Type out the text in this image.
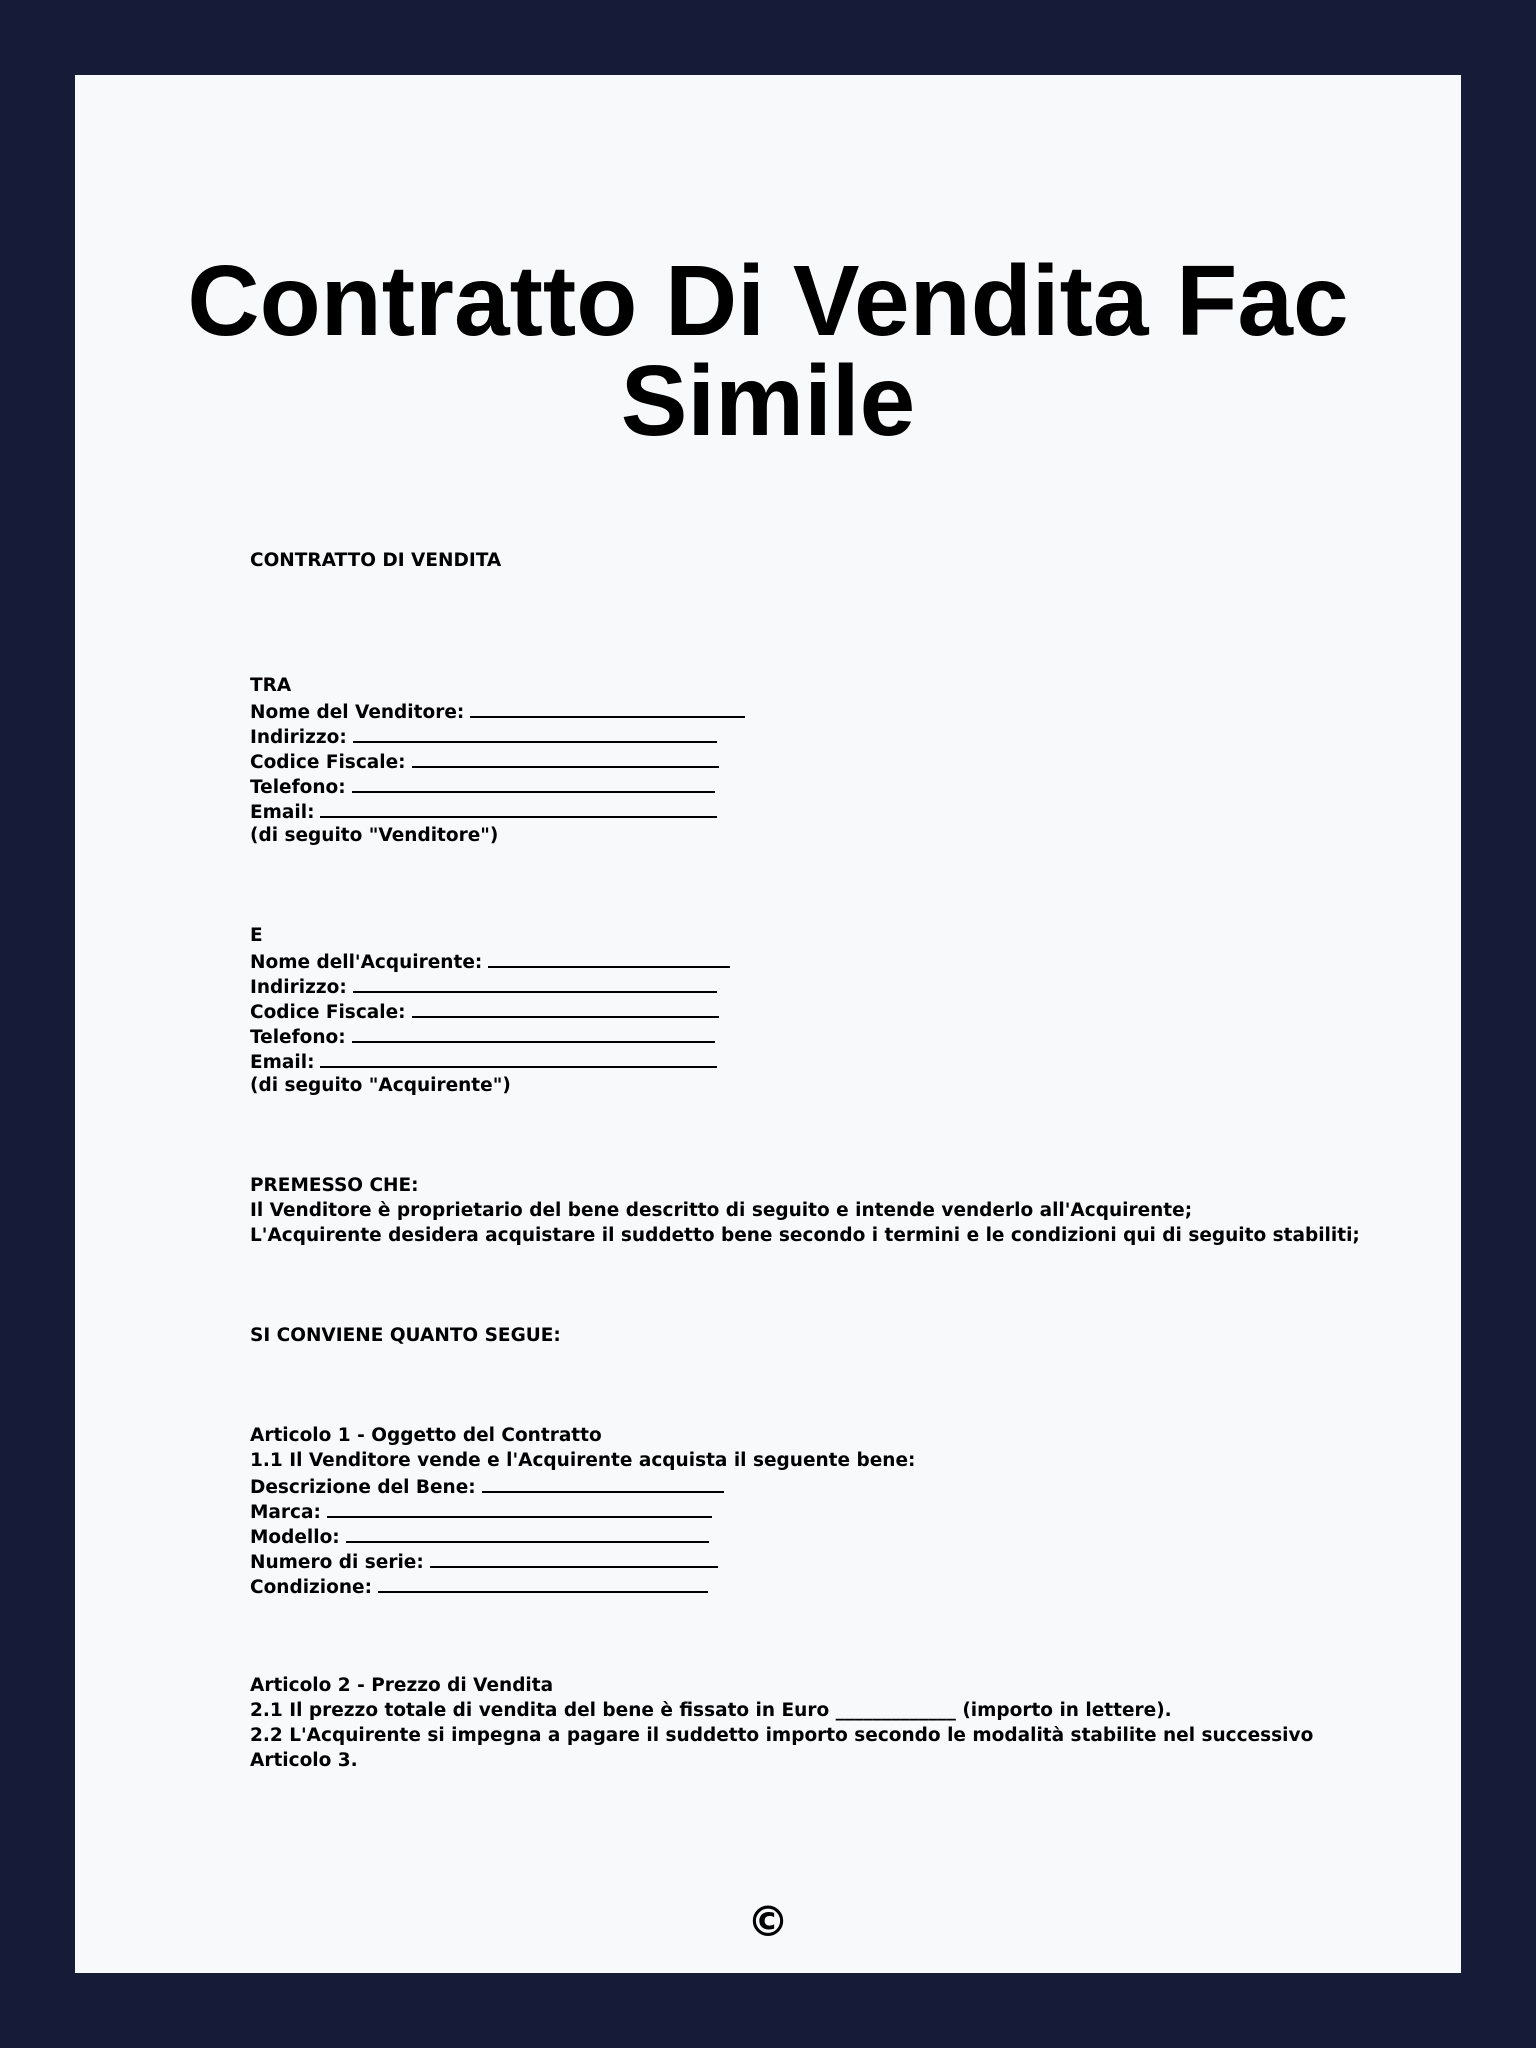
Contratto Di Vendita Fac Simile
CONTRATTO DI VENDITA
TRA
Nome del Venditore:
Indirizzo:
Codice Fiscale:
Telefono:
Email:
(di seguito "Venditore")
E
Nome dell'Acquirente:
Indirizzo:
Codice Fiscale:
Telefono:
Email:
(di seguito "Acquirente")
PREMESSO CHE:
Il Venditore è proprietario del bene descritto di seguito e intende venderlo all'Acquirente;
L'Acquirente desidera acquistare il suddetto bene secondo i termini e le condizioni qui di seguito stabiliti;
SI CONVIENE QUANTO SEGUE:
Articolo 1 - Oggetto del Contratto
1.1 Il Venditore vende e l'Acquirente acquista il seguente bene:
Descrizione del Bene:
Marca:
Modello:
Numero di serie:
Condizione:
Articolo 2 - Prezzo di Vendita
2.1 Il prezzo totale di vendita del bene è fissato in Euro _____________ (importo in lettere).
2.2 L'Acquirente si impegna a pagare il suddetto importo secondo le modalità stabilite nel successivo
Articolo 3.
©
